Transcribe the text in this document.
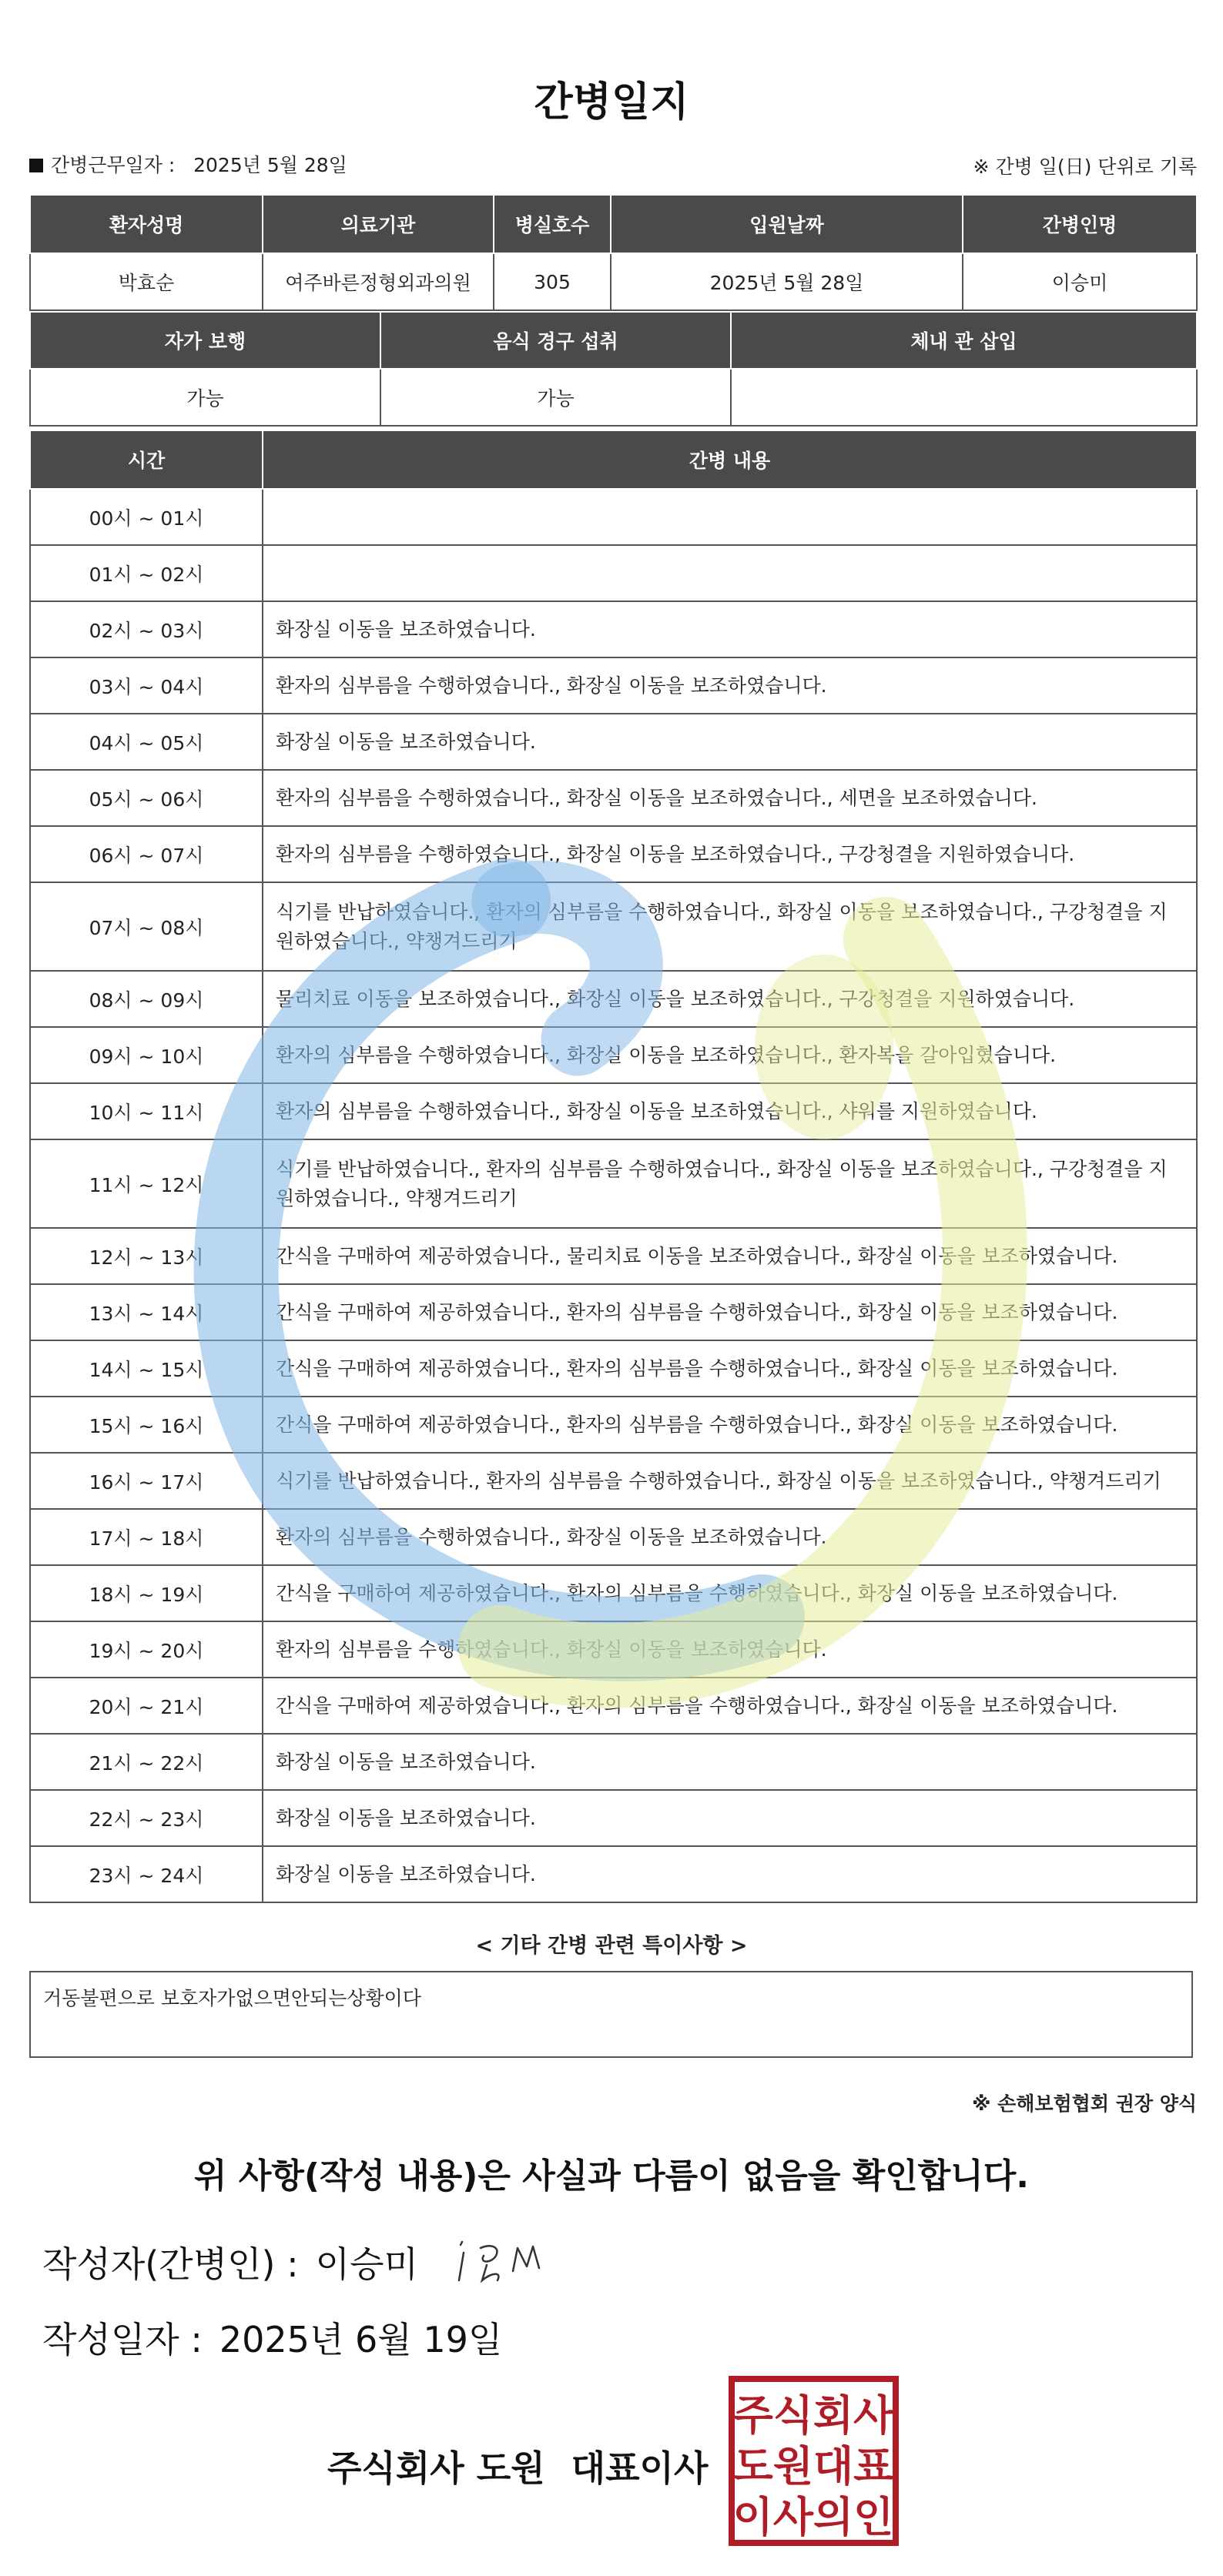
간병일지
간병근무일자 : 2025년 5월 28일	※ 간병 일(日) 단위로 기록
환자성명	의료기관	병실호수	입원날짜	간병인명
박효순	여주바른정형외과의원	305	2025년 5월 28일	이승미
자가 보행	음식 경구 섭취	체내 관 삽입
가능	가능	
시간	간병 내용
00시 ~ 01시	
01시 ~ 02시	
02시 ~ 03시	화장실 이동을 보조하였습니다.
03시 ~ 04시	환자의 심부름을 수행하였습니다., 화장실 이동을 보조하였습니다.
04시 ~ 05시	화장실 이동을 보조하였습니다.
05시 ~ 06시	환자의 심부름을 수행하였습니다., 화장실 이동을 보조하였습니다., 세면을 보조하였습니다.
06시 ~ 07시	환자의 심부름을 수행하였습니다., 화장실 이동을 보조하였습니다., 구강청결을 지원하였습니다.
07시 ~ 08시	식기를 반납하였습니다., 환자의 심부름을 수행하였습니다., 화장실 이동을 보조하였습니다., 구강청결을 지원하였습니다., 약챙겨드리기
08시 ~ 09시	물리치료 이동을 보조하였습니다., 화장실 이동을 보조하였습니다., 구강청결을 지원하였습니다.
09시 ~ 10시	환자의 심부름을 수행하였습니다., 화장실 이동을 보조하였습니다., 환자복을 갈아입혔습니다.
10시 ~ 11시	환자의 심부름을 수행하였습니다., 화장실 이동을 보조하였습니다., 샤워를 지원하였습니다.
11시 ~ 12시	식기를 반납하였습니다., 환자의 심부름을 수행하였습니다., 화장실 이동을 보조하였습니다., 구강청결을 지원하였습니다., 약챙겨드리기
12시 ~ 13시	간식을 구매하여 제공하였습니다., 물리치료 이동을 보조하였습니다., 화장실 이동을 보조하였습니다.
13시 ~ 14시	간식을 구매하여 제공하였습니다., 환자의 심부름을 수행하였습니다., 화장실 이동을 보조하였습니다.
14시 ~ 15시	간식을 구매하여 제공하였습니다., 환자의 심부름을 수행하였습니다., 화장실 이동을 보조하였습니다.
15시 ~ 16시	간식을 구매하여 제공하였습니다., 환자의 심부름을 수행하였습니다., 화장실 이동을 보조하였습니다.
16시 ~ 17시	식기를 반납하였습니다., 환자의 심부름을 수행하였습니다., 화장실 이동을 보조하였습니다., 약챙겨드리기
17시 ~ 18시	환자의 심부름을 수행하였습니다., 화장실 이동을 보조하였습니다.
18시 ~ 19시	간식을 구매하여 제공하였습니다., 환자의 심부름을 수행하였습니다., 화장실 이동을 보조하였습니다.
19시 ~ 20시	환자의 심부름을 수행하였습니다., 화장실 이동을 보조하였습니다.
20시 ~ 21시	간식을 구매하여 제공하였습니다., 환자의 심부름을 수행하였습니다., 화장실 이동을 보조하였습니다.
21시 ~ 22시	화장실 이동을 보조하였습니다.
22시 ~ 23시	화장실 이동을 보조하였습니다.
23시 ~ 24시	화장실 이동을 보조하였습니다.
< 기타 간병 관련 특이사항 >
거동불편으로 보호자가없으면안되는상황이다
※ 손해보험협회 권장 양식
위 사항(작성 내용)은 사실과 다름이 없음을 확인합니다.
작성자(간병인) : 이승미
작성일자 : 2025년 6월 19일
주식회사 도원 대표이사
주식회사
도원대표
이사의인
